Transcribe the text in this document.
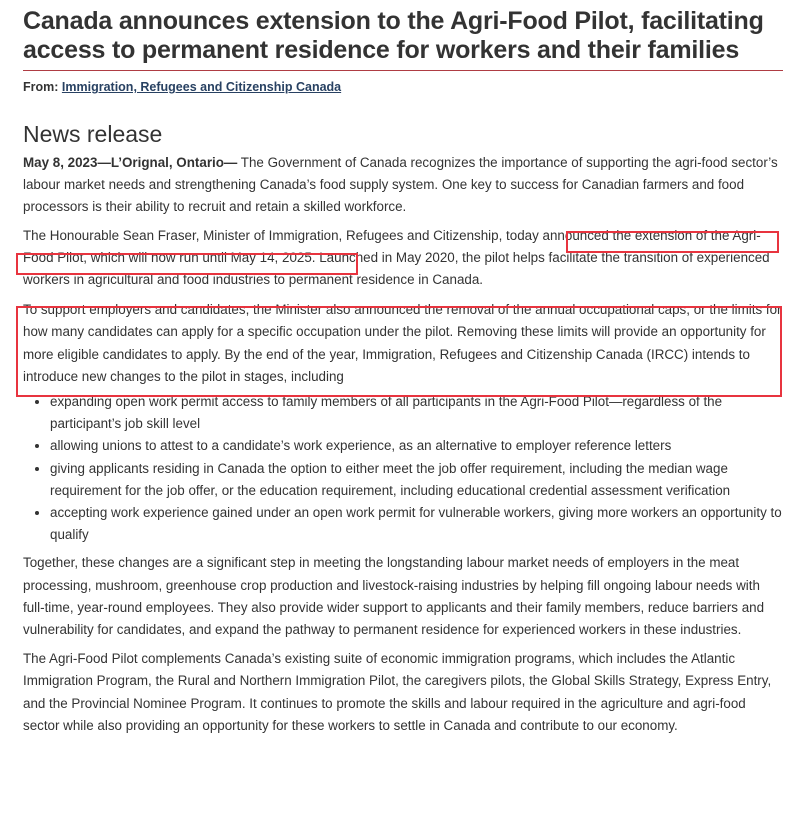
Canada announces extension to the Agri-Food Pilot, facilitating access to permanent residence for workers and their families
From: Immigration, Refugees and Citizenship Canada
News release

May 8, 2023—L’Orignal, Ontario— The Government of Canada recognizes the importance of supporting the agri-food sector’s labour market needs and strengthening Canada’s food supply system. One key to success for Canadian farmers and food processors is their ability to recruit and retain a skilled workforce.

The Honourable Sean Fraser, Minister of Immigration, Refugees and Citizenship, today announced the extension of the Agri-Food Pilot, which will now run until May 14, 2025. Launched in May 2020, the pilot helps facilitate the transition of experienced workers in agricultural and food industries to permanent residence in Canada.

To support employers and candidates, the Minister also announced the removal of the annual occupational caps, or the limits for how many candidates can apply for a specific occupation under the pilot. Removing these limits will provide an opportunity for more eligible candidates to apply. By the end of the year, Immigration, Refugees and Citizenship Canada (IRCC) intends to introduce new changes to the pilot in stages, including

• expanding open work permit access to family members of all participants in the Agri-Food Pilot—regardless of the participant’s job skill level
• allowing unions to attest to a candidate’s work experience, as an alternative to employer reference letters
• giving applicants residing in Canada the option to either meet the job offer requirement, including the median wage requirement for the job offer, or the education requirement, including educational credential assessment verification
• accepting work experience gained under an open work permit for vulnerable workers, giving more workers an opportunity to qualify

Together, these changes are a significant step in meeting the longstanding labour market needs of employers in the meat processing, mushroom, greenhouse crop production and livestock-raising industries by helping fill ongoing labour needs with full-time, year-round employees. They also provide wider support to applicants and their family members, reduce barriers and vulnerability for candidates, and expand the pathway to permanent residence for experienced workers in these industries.

The Agri-Food Pilot complements Canada’s existing suite of economic immigration programs, which includes the Atlantic Immigration Program, the Rural and Northern Immigration Pilot, the caregivers pilots, the Global Skills Strategy, Express Entry, and the Provincial Nominee Program. It continues to promote the skills and labour required in the agriculture and agri-food sector while also providing an opportunity for these workers to settle in Canada and contribute to our economy.
